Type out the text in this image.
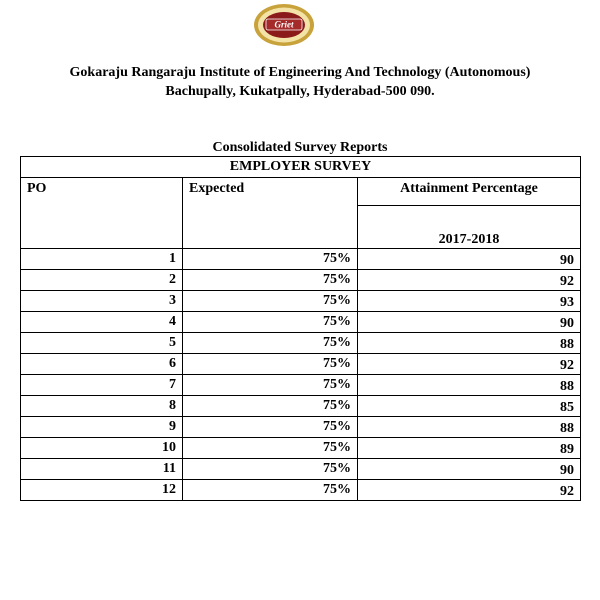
Griet
Gokaraju Rangaraju Institute of Engineering And Technology (Autonomous)
Bachupally, Kukatpally, Hyderabad-500 090.
Consolidated Survey Reports
EMPLOYER SURVEY		
PO	Expected	Attainment Percentage
		2017-2018
1	75%	90
2	75%	92
3	75%	93
4	75%	90
5	75%	88
6	75%	92
7	75%	88
8	75%	85
9	75%	88
10	75%	89
11	75%	90
12	75%	92
